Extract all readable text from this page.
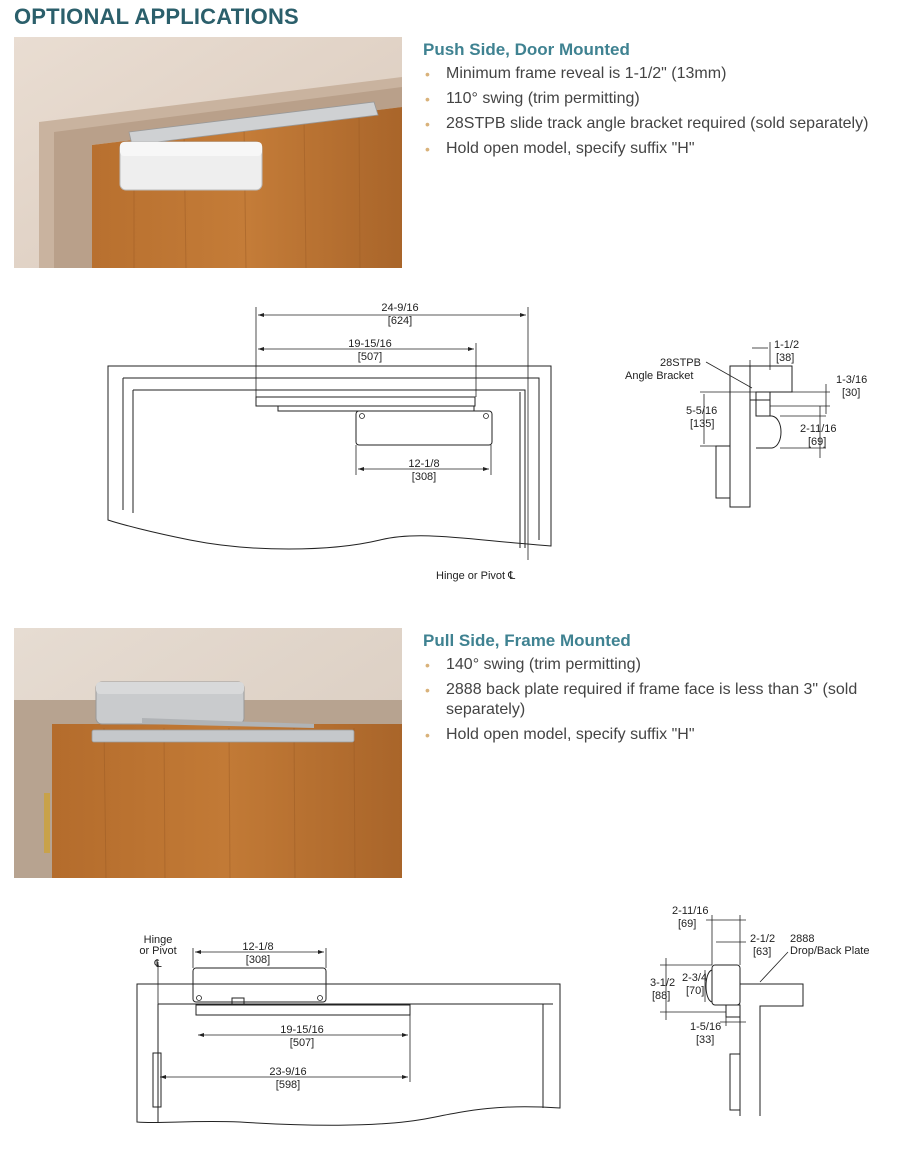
OPTIONAL APPLICATIONS
Push Side, Door Mounted
• Minimum frame reveal is 1-1/2" (13mm)
• 110° swing (trim permitting)
• 28STPB slide track angle bracket required (sold separately)
• Hold open model, specify suffix "H"
24-9/16
[624]
19-15/16
[507]
12-1/8
[308]
Hinge or Pivot ℄
1-1/2
[38]
1-3/16
[30]
5-5/16
[135]	2-11/16
[69]
28STPB
Angle Bracket
Pull Side, Frame Mounted
• 140° swing (trim permitting)
• 2888 back plate required if frame face is less than 3" (sold separately)
• Hold open model, specify suffix "H"
12-1/8
[308]
19-15/16
[507]
23-9/16
[598]
Hinge
or Pivot
℄
2-11/16
[69]
2-1/2
[63]
2888
Drop/Back Plate
3-1/2
[88]
2-3/4
[70]
1-5/16
[33]
